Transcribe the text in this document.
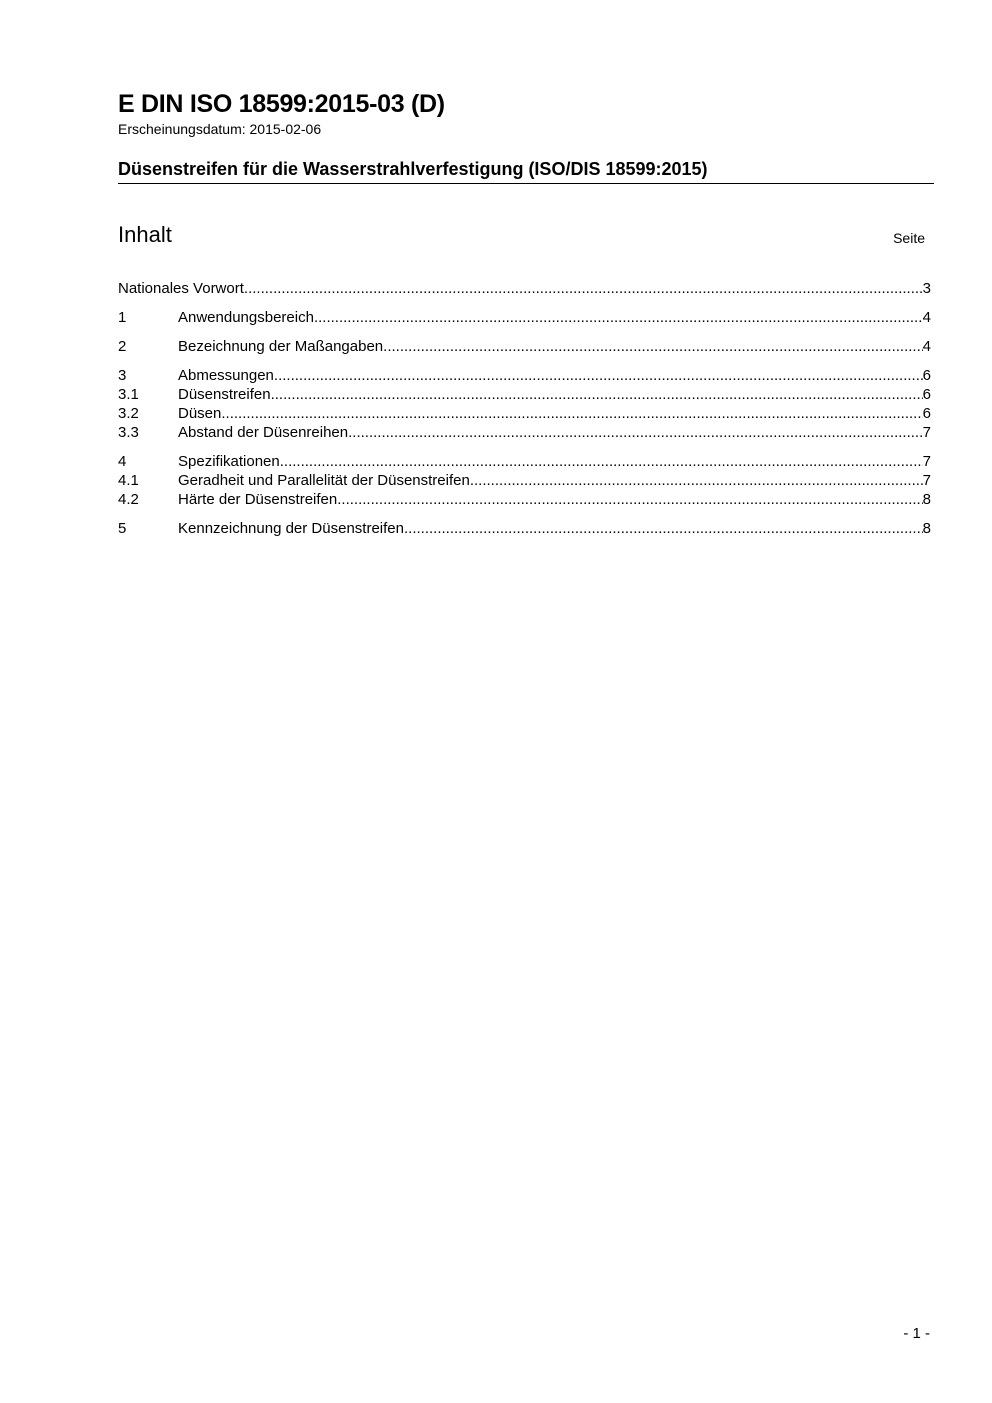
E DIN ISO 18599:2015-03 (D)
Erscheinungsdatum: 2015-02-06
Düsenstreifen für die Wasserstrahlverfestigung (ISO/DIS 18599:2015)
Inhalt	Seite
Nationales Vorwort .....	3
1	Anwendungsbereich .....	4
2	Bezeichnung der Maßangaben .....	4
3	Abmessungen .....	6
3.1	Düsenstreifen .....	6
3.2	Düsen .....	6
3.3	Abstand der Düsenreihen .....	7
4	Spezifikationen .....	7
4.1	Geradheit und Parallelität der Düsenstreifen .....	7
4.2	Härte der Düsenstreifen .....	8
5	Kennzeichnung der Düsenstreifen .....	8
- 1 -
